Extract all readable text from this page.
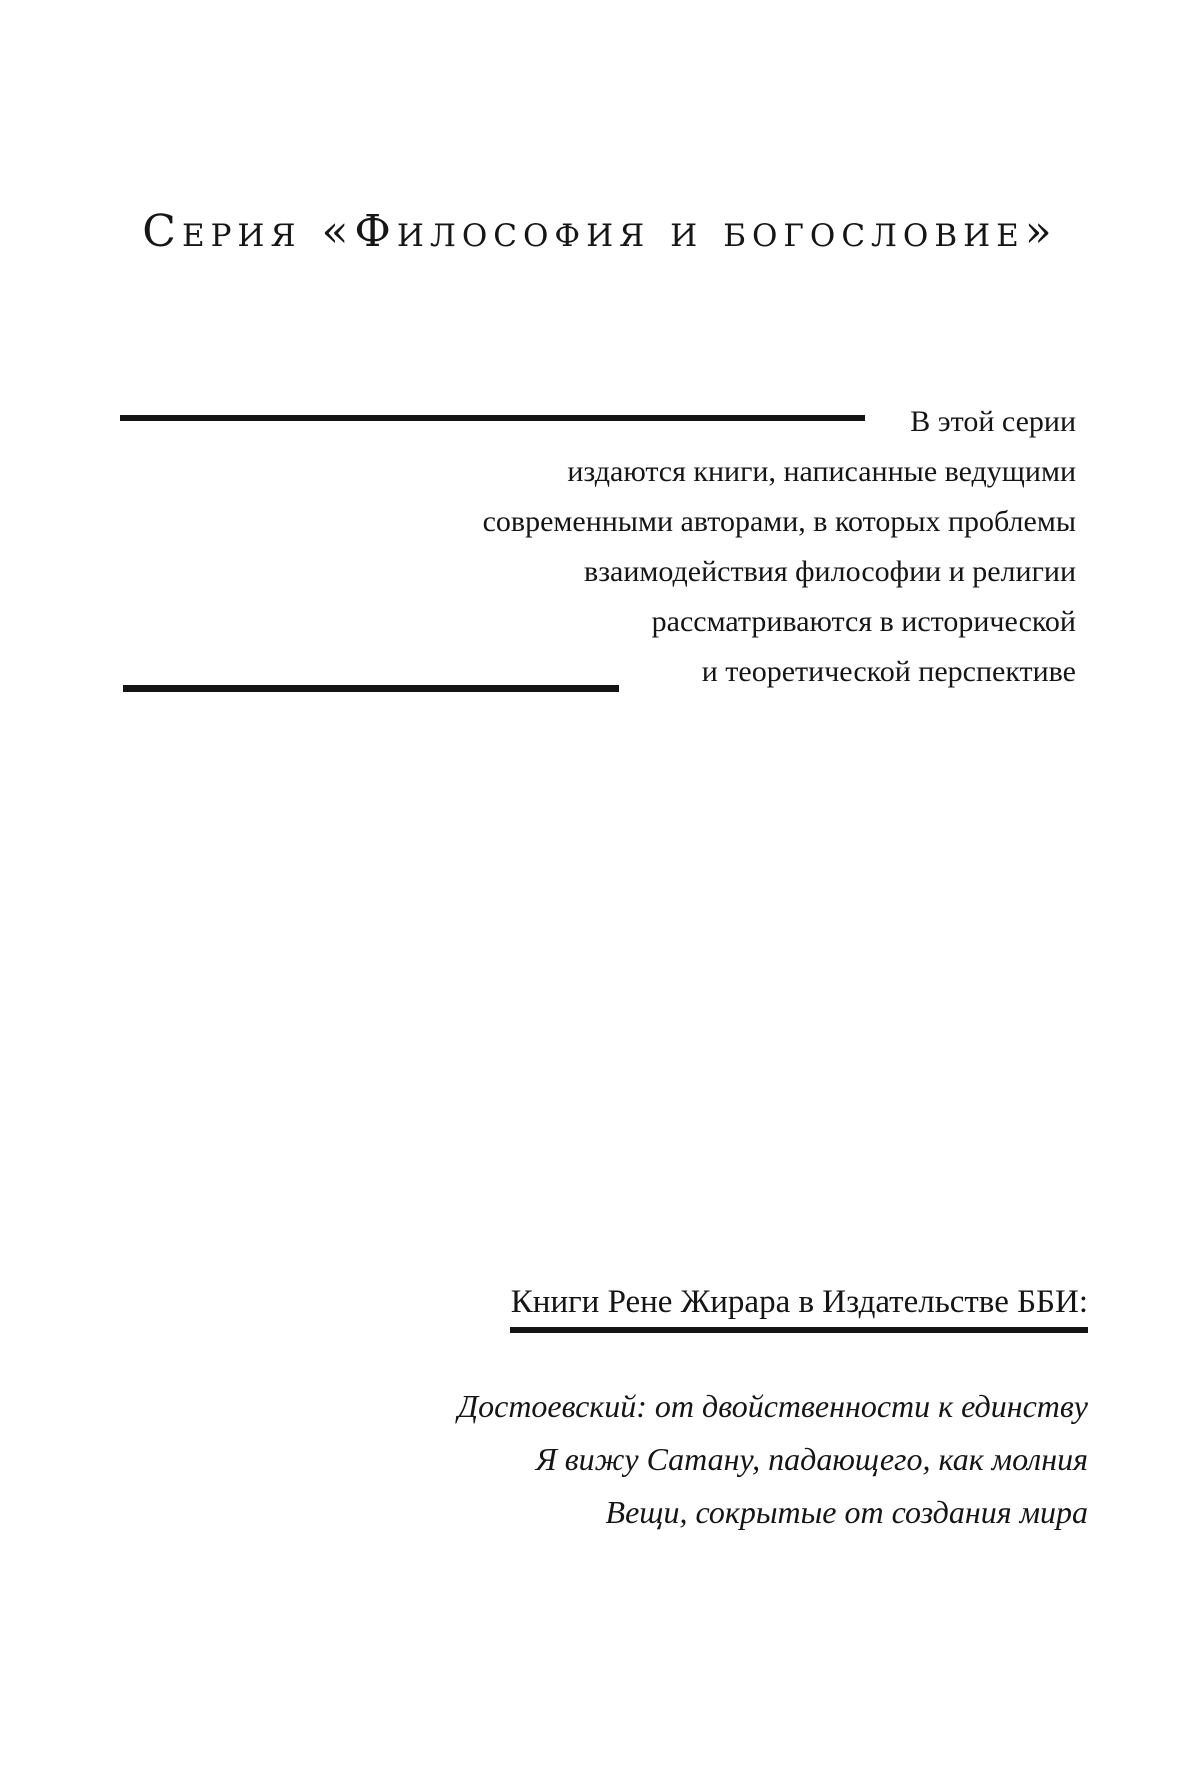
Серия «Философия и богословие»
В этой серии
издаются книги, написанные ведущими
современными авторами, в которых проблемы
взаимодействия философии и религии
рассматриваются в исторической
и теоретической перспективе
Книги Рене Жирара в Издательстве ББИ:
Достоевский: от двойственности к единству
Я вижу Сатану, падающего, как молния
Вещи, сокрытые от создания мира
